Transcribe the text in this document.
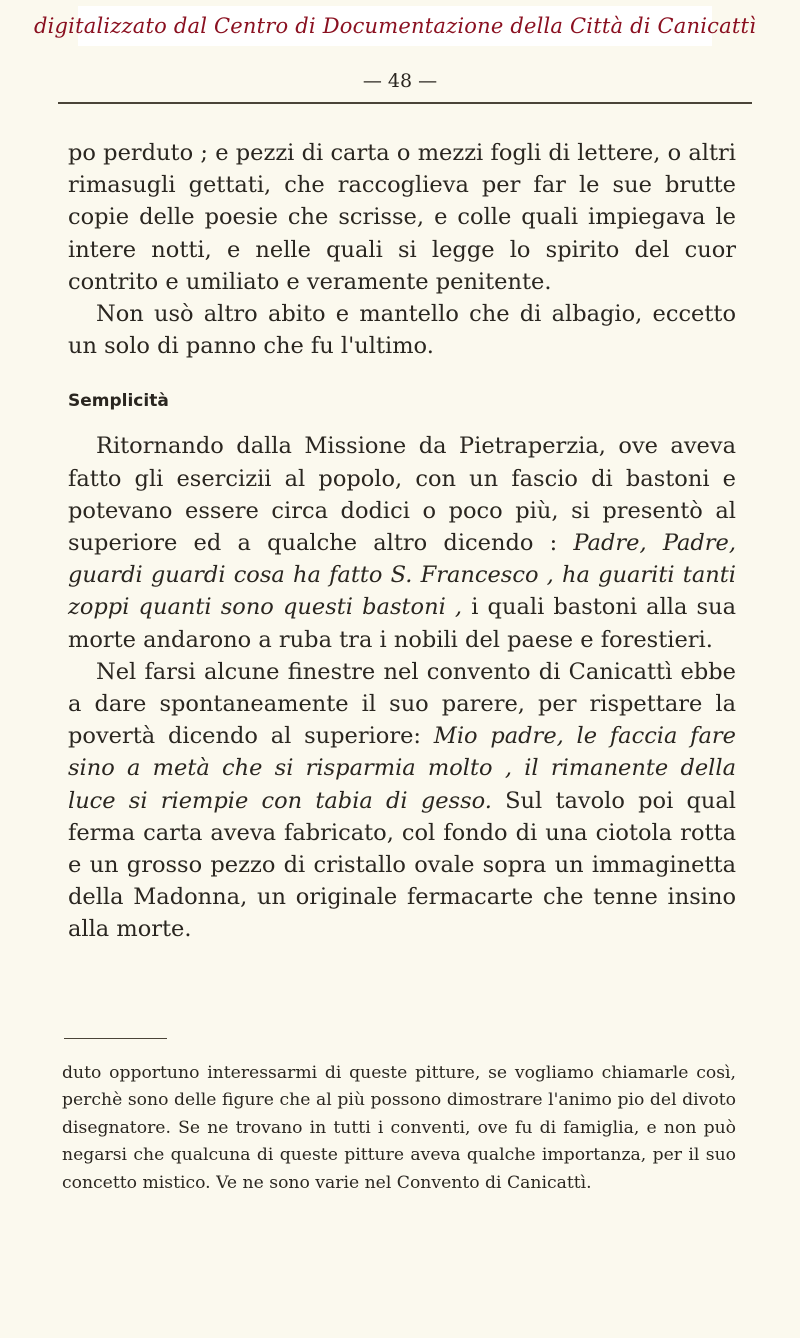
digitalizzato dal Centro di Documentazione della Città di Canicattì
— 48 —

po perduto ; e pezzi di carta o mezzi fogli di lettere, o altri rimasugli gettati, che raccoglieva per far le sue brutte copie delle poesie che scrisse, e colle quali impiegava le intere notti, e nelle quali si legge lo spirito del cuor contrito e umiliato e veramente penitente.

Non usò altro abito e mantello che di albagio, eccetto un solo di panno che fu l'ultimo.

Semplicità

Ritornando dalla Missione da Pietraperzia, ove aveva fatto gli esercizii al popolo, con un fascio di bastoni e potevano essere circa dodici o poco più, si presentò al superiore ed a qualche altro dicendo : Padre, Padre, guardi guardi cosa ha fatto S. Francesco , ha guariti tanti zoppi quanti sono questi bastoni , i quali bastoni alla sua morte andarono a ruba tra i nobili del paese e forestieri.

Nel farsi alcune finestre nel convento di Canicattì ebbe a dare spontaneamente il suo parere, per rispettare la povertà dicendo al superiore: Mio padre, le faccia fare sino a metà che si risparmia molto , il rimanente della luce si riempie con tabia di gesso. Sul tavolo poi qual ferma carta aveva fabricato, col fondo di una ciotola rotta e un grosso pezzo di cristallo ovale sopra un immaginetta della Madonna, un originale fermacarte che tenne insino alla morte.

duto opportuno interessarmi di queste pitture, se vogliamo chiamarle così, perchè sono delle figure che al più possono dimostrare l'animo pio del divoto disegnatore. Se ne trovano in tutti i conventi, ove fu di famiglia, e non può negarsi che qualcuna di queste pitture aveva qualche importanza, per il suo concetto mistico. Ve ne sono varie nel Convento di Canicattì.
